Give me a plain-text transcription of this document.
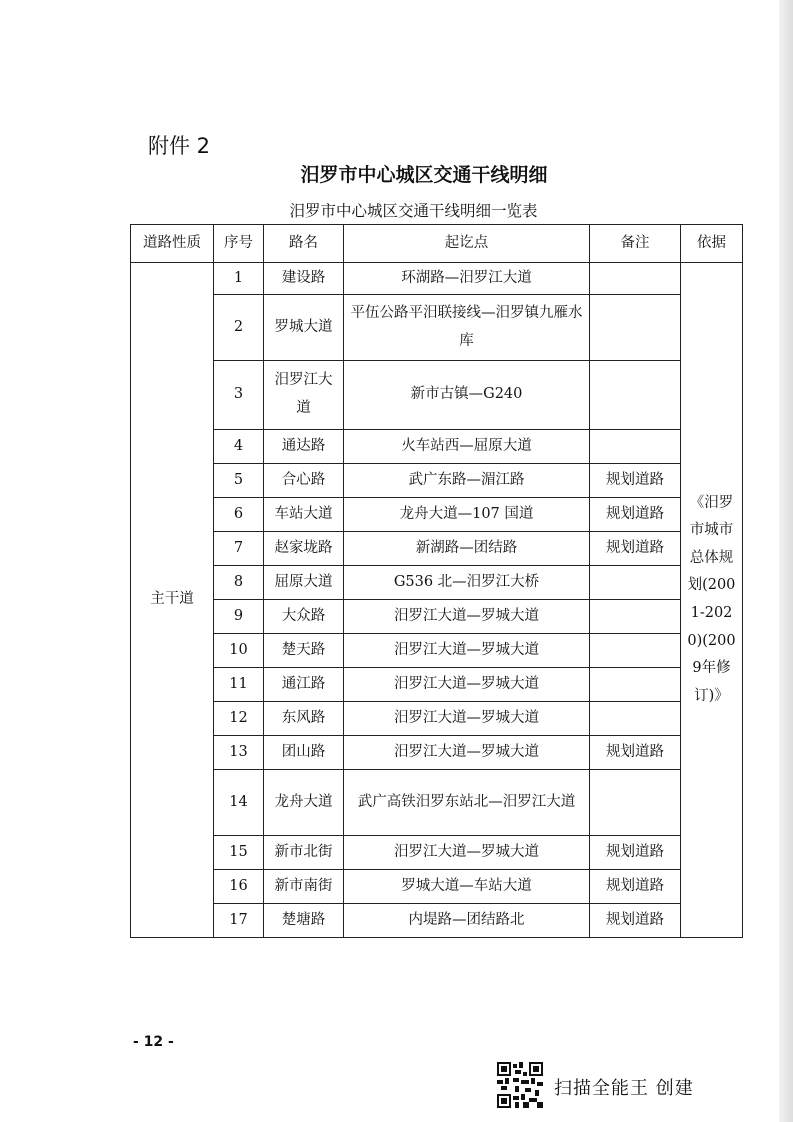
附件 2
汨罗市中心城区交通干线明细
汨罗市中心城区交通干线明细一览表
道路性质	序号	路名	起讫点	备注	依据
主干道	1	建设路	环湖路—汨罗江大道		《汨罗市城市总体规划(2001-2020)(2009年修订)》
	2	罗城大道	平伍公路平汨联接线—汨罗镇九雁水库		
	3	汨罗江大道	新市古镇—G240		
	4	通达路	火车站西—屈原大道		
	5	合心路	武广东路—湄江路	规划道路	
	6	车站大道	龙舟大道—107 国道	规划道路	
	7	赵家垅路	新湖路—团结路	规划道路	
	8	屈原大道	G536 北—汨罗江大桥		
	9	大众路	汨罗江大道—罗城大道		
	10	楚天路	汨罗江大道—罗城大道		
	11	通江路	汨罗江大道—罗城大道		
	12	东风路	汨罗江大道—罗城大道		
	13	团山路	汨罗江大道—罗城大道	规划道路	
	14	龙舟大道	武广高铁汨罗东站北—汨罗江大道		
	15	新市北街	汨罗江大道—罗城大道	规划道路	
	16	新市南街	罗城大道—车站大道	规划道路	
	17	楚塘路	内堤路—团结路北	规划道路	
- 12 -
扫描全能王 创建
